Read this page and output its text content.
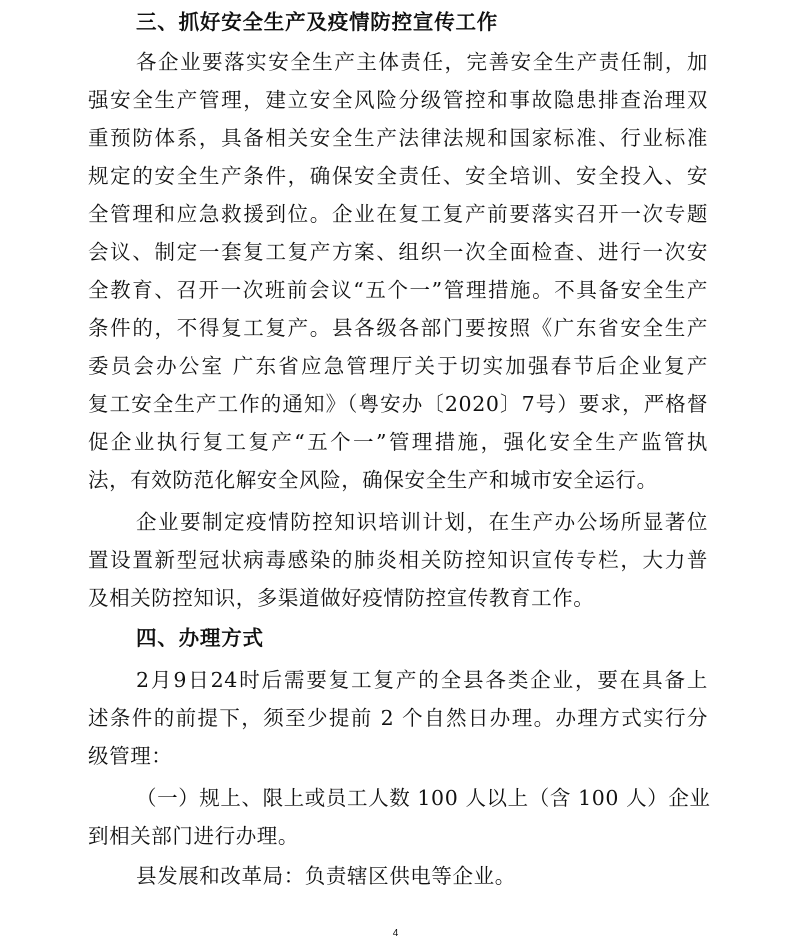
三、抓好安全生产及疫情防控宣传工作
各企业要落实安全生产主体责任，完善安全生产责任制，加
强安全生产管理，建立安全风险分级管控和事故隐患排查治理双
重预防体系，具备相关安全生产法律法规和国家标准、行业标准
规定的安全生产条件，确保安全责任、安全培训、安全投入、安
全管理和应急救援到位。企业在复工复产前要落实召开一次专题
会议、制定一套复工复产方案、组织一次全面检查、进行一次安
全教育、召开一次班前会议“五个一”管理措施。不具备安全生产
条件的，不得复工复产。县各级各部门要按照《广东省安全生产
委员会办公室 广东省应急管理厅关于切实加强春节后企业复产
复工安全生产工作的通知》（粤安办〔2020〕7号）要求，严格督
促企业执行复工复产“五个一”管理措施，强化安全生产监管执
法，有效防范化解安全风险，确保安全生产和城市安全运行。
企业要制定疫情防控知识培训计划，在生产办公场所显著位
置设置新型冠状病毒感染的肺炎相关防控知识宣传专栏，大力普
及相关防控知识，多渠道做好疫情防控宣传教育工作。
四、办理方式
2月9日24时后需要复工复产的全县各类企业，要在具备上
述条件的前提下，须至少提前 2 个自然日办理。办理方式实行分
级管理：
（一）规上、限上或员工人数 100 人以上（含 100 人）企业
到相关部门进行办理。
县发展和改革局：负责辖区供电等企业。
4
